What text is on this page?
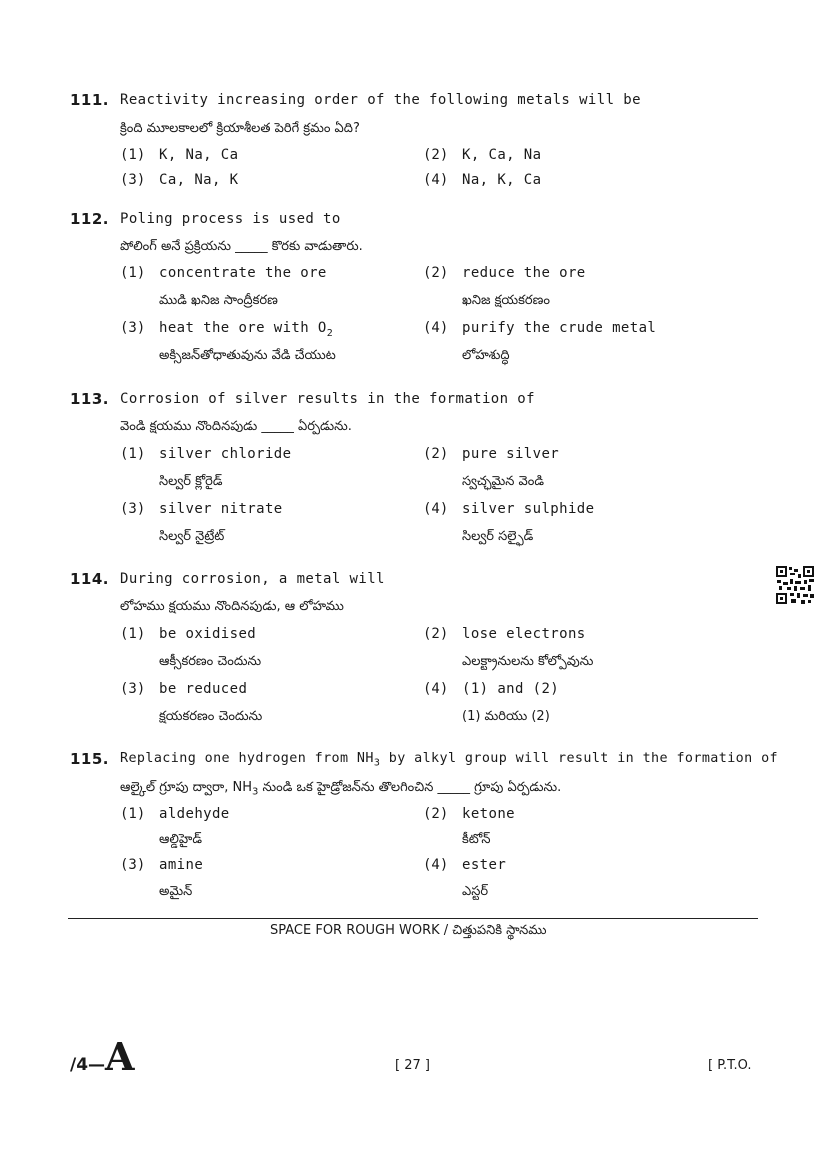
111. Reactivity increasing order of the following metals will be
క్రింది మూలకాలలో క్రియాశీలత పెరిగే క్రమం ఏది?
(1) K, Na, Ca	(2) K, Ca, Na
(3) Ca, Na, K	(4) Na, K, Ca
112. Poling process is used to
పోలింగ్ అనే ప్రక్రియను _____ కొరకు వాడుతారు.
(1) concentrate the ore
ముడి ఖనిజ సాంద్రీకరణ
(2) reduce the ore
ఖనిజ క్షయకరణం
(3) heat the ore with $O_2$
అక్సిజన్‌తోధాతువును వేడి చేయుట
(4) purify the crude metal
లోహశుద్ధి
113. Corrosion of silver results in the formation of
వెండి క్షయము నొందినపుడు _____ ఏర్పడును.
(1) silver chloride
సిల్వర్ క్లోరైడ్
(2) pure silver
స్వచ్ఛమైన వెండి
(3) silver nitrate
సిల్వర్ నైట్రేట్
(4) silver sulphide
సిల్వర్ సల్ఫైడ్
114. During corrosion, a metal will
లోహము క్షయము నొందినపుడు, ఆ లోహము
(1) be oxidised
ఆక్సీకరణం చెందును
(2) lose electrons
ఎలక్ట్రానులను కోల్పోవును
(3) be reduced
క్షయకరణం చెందును
(4) (1) and (2)
(1) మరియు (2)
115. Replacing one hydrogen from $NH_3$ by alkyl group will result in the formation of
ఆల్కైల్ గ్రూపు ద్వారా, $NH_3$ నుండి ఒక హైడ్రోజన్‌ను తొలగించిన _____ గ్రూపు ఏర్పడును.
(1) aldehyde
ఆల్డిహైడ్
(2) ketone
కీటోన్
(3) amine
అమైన్
(4) ester
ఎస్టర్
SPACE FOR ROUGH WORK / చిత్తుపనికి స్థానము
/4—A	[ 27 ]	[ P.T.O.
